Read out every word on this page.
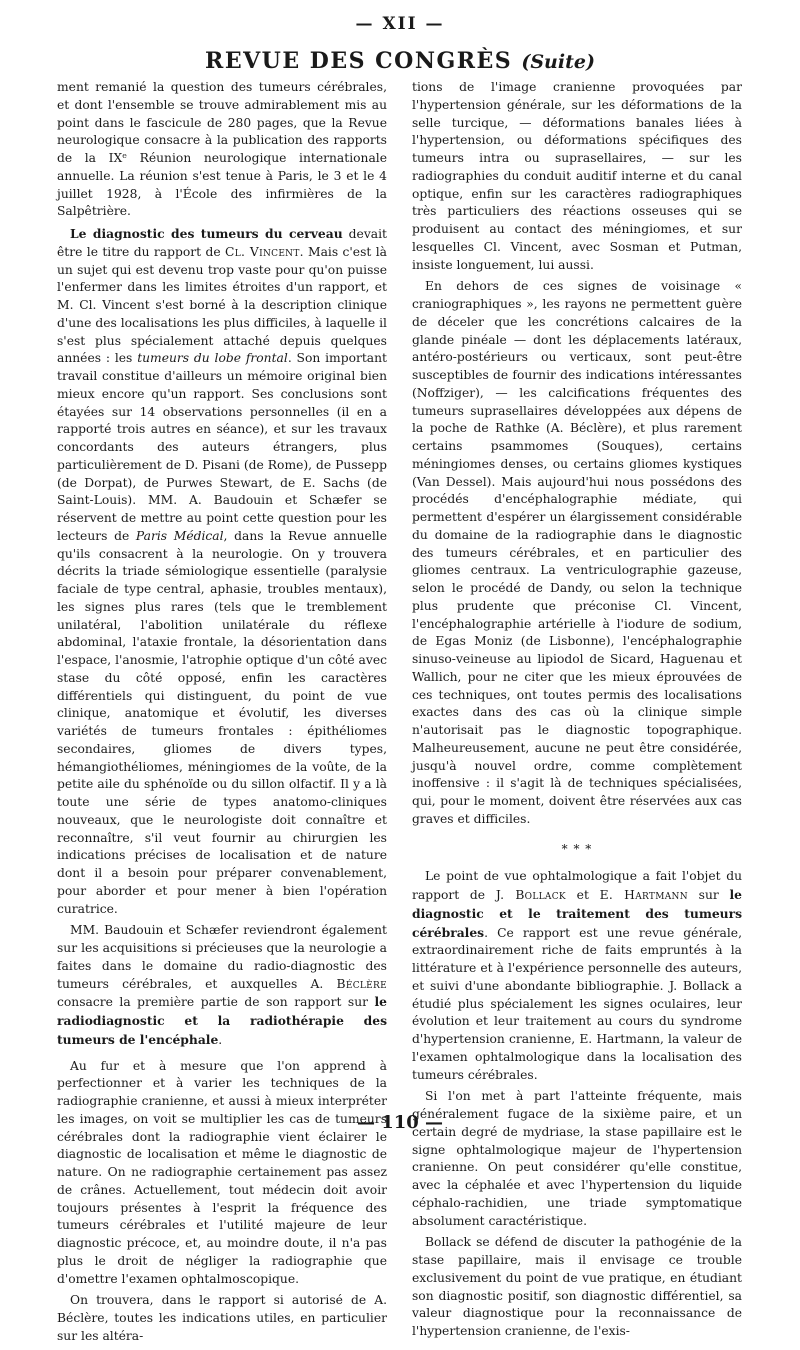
— XII —
REVUE DES CONGRÈS (Suite)

ment remanié la question des tumeurs cérébrales, et dont l'ensemble se trouve admirablement mis au point dans le fascicule de 280 pages, que la Revue neurologique consacre à la publication des rapports de la IXᵉ Réunion neurologique internationale annuelle. La réunion s'est tenue à Paris, le 3 et le 4 juillet 1928, à l'École des infirmières de la Salpêtrière.

Le diagnostic des tumeurs du cerveau devait être le titre du rapport de Cl. Vincent. Mais c'est là un sujet qui est devenu trop vaste pour qu'on puisse l'enfermer dans les limites étroites d'un rapport, et M. Cl. Vincent s'est borné à la description clinique d'une des localisations les plus difficiles, à laquelle il s'est plus spécialement attaché depuis quelques années : les tumeurs du lobe frontal. Son important travail constitue d'ailleurs un mémoire original bien mieux encore qu'un rapport. Ses conclusions sont étayées sur 14 observations personnelles (il en a rapporté trois autres en séance), et sur les travaux concordants des auteurs étrangers, plus particulièrement de D. Pisani (de Rome), de Pussepp (de Dorpat), de Purwes Stewart, de E. Sachs (de Saint-Louis). MM. A. Baudouin et Schæfer se réservent de mettre au point cette question pour les lecteurs de Paris Médical, dans la Revue annuelle qu'ils consacrent à la neurologie. On y trouvera décrits la triade sémiologique essentielle (paralysie faciale de type central, aphasie, troubles mentaux), les signes plus rares (tels que le tremblement unilatéral, l'abolition unilatérale du réflexe abdominal, l'ataxie frontale, la désorientation dans l'espace, l'anosmie, l'atrophie optique d'un côté avec stase du côté opposé, enfin les caractères différentiels qui distinguent, du point de vue clinique, anatomique et évolutif, les diverses variétés de tumeurs frontales : épithéliomes secondaires, gliomes de divers types, hémangiothéliomes, méningiomes de la voûte, de la petite aile du sphénoïde ou du sillon olfactif. Il y a là toute une série de types anatomo-cliniques nouveaux, que le neurologiste doit connaître et reconnaître, s'il veut fournir au chirurgien les indications précises de localisation et de nature dont il a besoin pour préparer convenablement, pour aborder et pour mener à bien l'opération curatrice.

MM. Baudouin et Schæfer reviendront également sur les acquisitions si précieuses que la neurologie a faites dans le domaine du radio-diagnostic des tumeurs cérébrales, et auxquelles A. Béclère consacre la première partie de son rapport sur le radiodiagnostic et la radiothérapie des tumeurs de l'encéphale.

Au fur et à mesure que l'on apprend à perfectionner et à varier les techniques de la radiographie cranienne, et aussi à mieux interpréter les images, on voit se multiplier les cas de tumeurs cérébrales dont la radiographie vient éclairer le diagnostic de localisation et même le diagnostic de nature. On ne radiographie certainement pas assez de crânes. Actuellement, tout médecin doit avoir toujours présentes à l'esprit la fréquence des tumeurs cérébrales et l'utilité majeure de leur diagnostic précoce, et, au moindre doute, il n'a pas plus le droit de négliger la radiographie que d'omettre l'examen ophtalmoscopique.

On trouvera, dans le rapport si autorisé de A. Béclère, toutes les indications utiles, en particulier sur les altéra-

tions de l'image cranienne provoquées par l'hypertension générale, sur les déformations de la selle turcique, — déformations banales liées à l'hypertension, ou déformations spécifiques des tumeurs intra ou suprasellaires, — sur les radiographies du conduit auditif interne et du canal optique, enfin sur les caractères radiographiques très particuliers des réactions osseuses qui se produisent au contact des méningiomes, et sur lesquelles Cl. Vincent, avec Sosman et Putman, insiste longuement, lui aussi.

En dehors de ces signes de voisinage « craniographiques », les rayons ne permettent guère de déceler que les concrétions calcaires de la glande pinéale — dont les déplacements latéraux, antéro-postérieurs ou verticaux, sont peut-être susceptibles de fournir des indications intéressantes (Noffziger), — les calcifications fréquentes des tumeurs suprasellaires développées aux dépens de la poche de Rathke (A. Béclère), et plus rarement certains psammomes (Souques), certains méningiomes denses, ou certains gliomes kystiques (Van Dessel). Mais aujourd'hui nous possédons des procédés d'encéphalographie médiate, qui permettent d'espérer un élargissement considérable du domaine de la radiographie dans le diagnostic des tumeurs cérébrales, et en particulier des gliomes centraux. La ventriculographie gazeuse, selon le procédé de Dandy, ou selon la technique plus prudente que préconise Cl. Vincent, l'encéphalographie artérielle à l'iodure de sodium, de Egas Moniz (de Lisbonne), l'encéphalographie sinuso-veineuse au lipiodol de Sicard, Haguenau et Wallich, pour ne citer que les mieux éprouvées de ces techniques, ont toutes permis des localisations exactes dans des cas où la clinique simple n'autorisait pas le diagnostic topographique. Malheureusement, aucune ne peut être considérée, jusqu'à nouvel ordre, comme complètement inoffensive : il s'agit là de techniques spécialisées, qui, pour le moment, doivent être réservées aux cas graves et difficiles.

* * *

Le point de vue ophtalmologique a fait l'objet du rapport de J. Bollack et E. Hartmann sur le diagnostic et le traitement des tumeurs cérébrales. Ce rapport est une revue générale, extraordinairement riche de faits empruntés à la littérature et à l'expérience personnelle des auteurs, et suivi d'une abondante bibliographie. J. Bollack a étudié plus spécialement les signes oculaires, leur évolution et leur traitement au cours du syndrome d'hypertension cranienne, E. Hartmann, la valeur de l'examen ophtalmologique dans la localisation des tumeurs cérébrales.

Si l'on met à part l'atteinte fréquente, mais généralement fugace de la sixième paire, et un certain degré de mydriase, la stase papillaire est le signe ophtalmologique majeur de l'hypertension cranienne. On peut considérer qu'elle constitue, avec la céphalée et avec l'hypertension du liquide céphalo-rachidien, une triade symptomatique absolument caractéristique.

Bollack se défend de discuter la pathogénie de la stase papillaire, mais il envisage ce trouble exclusivement du point de vue pratique, en étudiant son diagnostic positif, son diagnostic différentiel, sa valeur diagnostique pour la reconnaissance de l'hypertension cranienne, de l'exis-

— 110 —
